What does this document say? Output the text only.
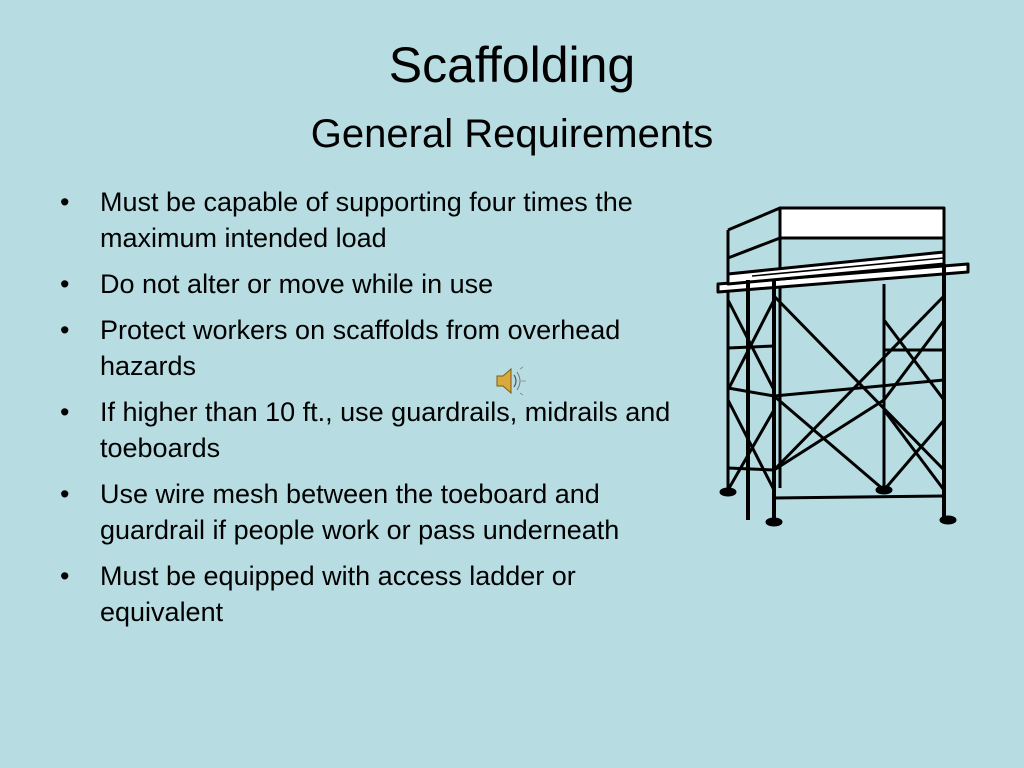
Scaffolding
General Requirements
• Must be capable of supporting four times the maximum intended load
• Do not alter or move while in use
• Protect workers on scaffolds from overhead hazards
• If higher than 10 ft., use guardrails, midrails and toeboards
• Use wire mesh between the toeboard and guardrail if people work or pass underneath
• Must be equipped with access ladder or equivalent
